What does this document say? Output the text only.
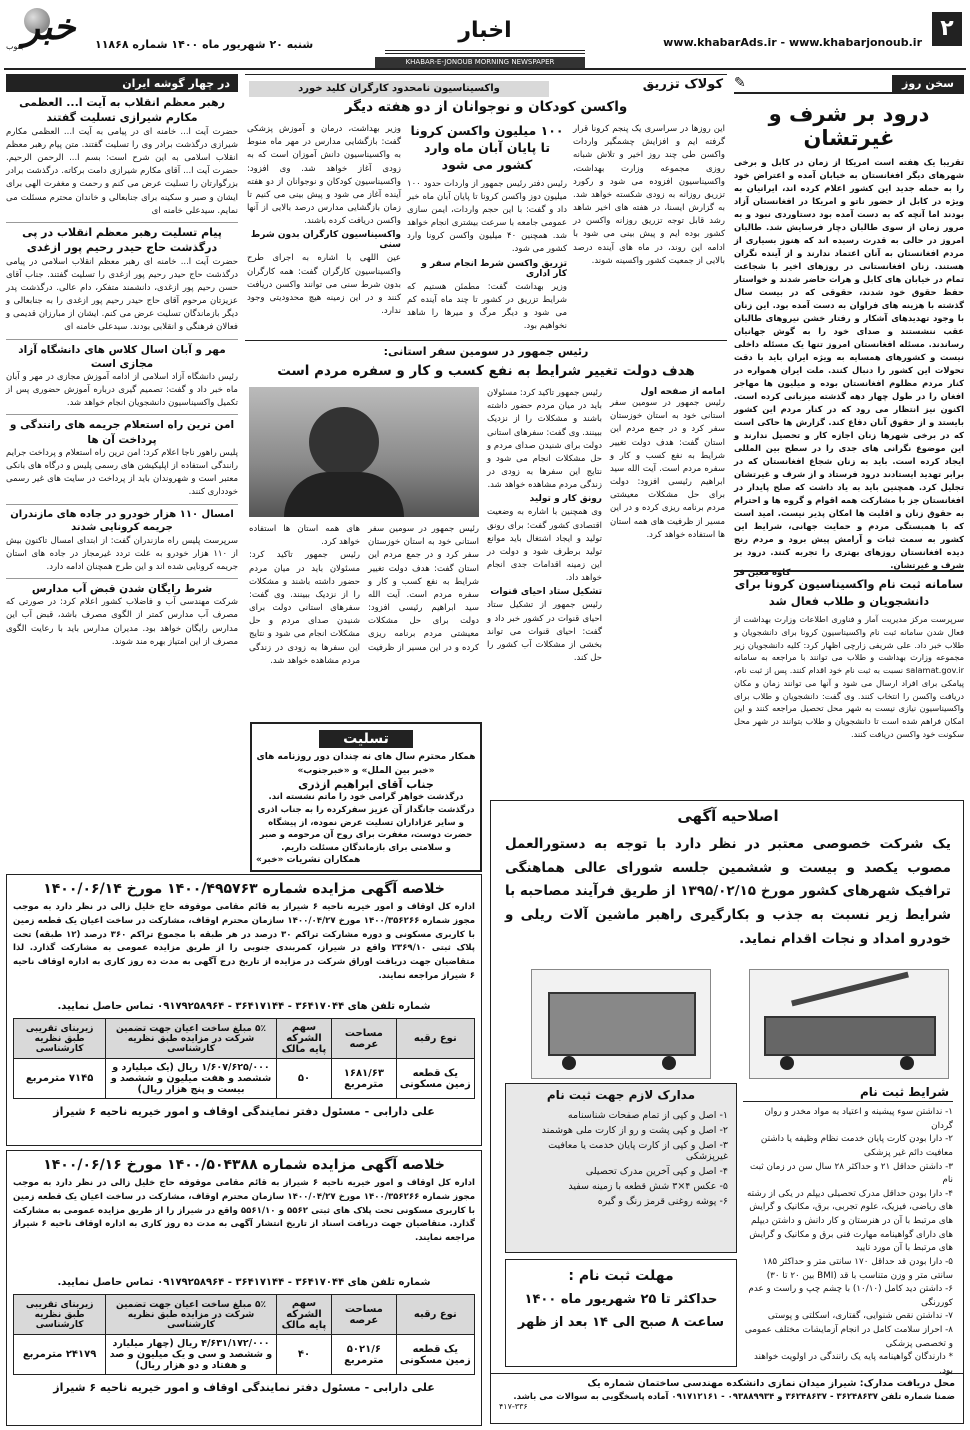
۲
www.khabarAds.ir - www.khabarjonoub.ir
اخبار
شنبه ۲۰ شهریور ماه ۱۴۰۰ شماره ۱۱۸۶۸
خبر
جنوب
KHABAR-E-JONOUB MORNING NEWSPAPER
سخن روز
✎
درود بر شرف و غیرتشان
تقریبا یک هفته است امریکا از زمان در کابل و برخی شهرهای دیگر افغانستان به خیابان آمده و اعتراض خود را به حمله جدید این کشور اعلام کرده اند، ایرانیان به ویژه در کابل از حضور ناتو و امریکا در افغانستان آزاد بودند اما آنچه که به دست آمده بود دستاوردی نبود و به مرور زمان از سوی طالبان دچار فرسایش شد. طالبان امروز در حالی به قدرت رسیده اند که هنوز بسیاری از مردم افغانستان به آنان اعتماد ندارند و از آینده نگران هستند. زنان افغانستانی در روزهای اخیر با شجاعت تمام در خیابان های کابل و هرات حاضر شدند و خواستار حفظ حقوق خود شدند، حقوقی که در بیست سال گذشته با هزینه های فراوان به دست آمده بود. این زنان با وجود تهدیدهای آشکار و رفتار خشن نیروهای طالبان عقب ننشستند و صدای خود را به گوش جهانیان رساندند. مسئله افغانستان امروز تنها یک مسئله داخلی نیست و کشورهای همسایه به ویژه ایران باید با دقت تحولات این کشور را دنبال کنند. ملت ایران همواره در کنار مردم مظلوم افغانستان بوده و میلیون ها مهاجر افغان را در طول چهار دهه گذشته میزبانی کرده است. اکنون نیز انتظار می رود که در کنار مردم این کشور بایستد و از حقوق آنان دفاع کند. گزارش ها حاکی است که در برخی شهرها زنان اجازه کار و تحصیل ندارند و این موضوع نگرانی های جدی را در سطح بین المللی ایجاد کرده است. باید به زنان شجاع افغانستان که در برابر تهدید ایستادند درود فرستاد و از شرف و غیرتشان تجلیل کرد. همچنین باید به یاد داشت که صلح پایدار در افغانستان جز با مشارکت همه اقوام و گروه ها و احترام به حقوق زنان و اقلیت ها امکان پذیر نیست. امید است که با همبستگی مردم و حمایت جهانی، شرایط این کشور به سمت ثبات و آرامش پیش برود و مردم رنج دیده افغانستان روزهای بهتری را تجربه کنند. درود بر شرف و غیرتشان.
کاوه معین فر
سامانه ثبت نام واکسیناسیون کرونا برای دانشجویان و طلاب فعال شد
سرپرست مرکز مدیریت آمار و فناوری اطلاعات وزارت بهداشت از فعال شدن سامانه ثبت نام واکسیناسیون کرونا برای دانشجویان و طلاب خبر داد. علی شریفی زارچی اظهار کرد: کلیه دانشجویان زیر مجموعه وزارت بهداشت و طلاب می توانند با مراجعه به سامانه salamat.gov.ir نسبت به ثبت نام خود اقدام کنند. پس از ثبت نام، پیامکی برای افراد ارسال می شود و آنها می توانند زمان و مکان دریافت واکسن را انتخاب کنند. وی گفت: دانشجویان و طلاب برای واکسیناسیون نیازی نیست به شهر محل تحصیل مراجعه کنند و این امکان فراهم شده است تا دانشجویان و طلاب بتوانند در شهر محل سکونت خود واکسن دریافت کنند.
کولاک تزریق
واکسیناسیون نامحدود کارگران کلید خورد
واکسن کودکان و نوجوانان از دو هفته دیگر
این روزها در سراسری یک پنجم کرونا قرار گرفته ایم و افزایش چشمگیر واردات واکسن طی چند روز اخیر و تلاش شبانه روزی مجموعه وزارت بهداشت، واکسیناسیون افزوده می شود و رکورد تزریق روزانه به زودی شکسته خواهد شد. به گزارش ایسنا، در هفته های اخیر شاهد رشد قابل توجه تزریق روزانه واکسن در کشور بوده ایم و پیش بینی می شود با ادامه این روند، در ماه های آینده درصد بالایی از جمعیت کشور واکسینه شوند.
۱۰۰ میلیون واکسن کرونا تا پایان آبان ماه وارد کشور می شود
رئیس دفتر رئیس جمهور از واردات حدود ۱۰۰ میلیون دوز واکسن کرونا تا پایان آبان ماه خبر داد و گفت: با این حجم واردات، ایمن سازی عمومی جامعه با سرعت بیشتری انجام خواهد شد. همچنین ۴۰ میلیون واکسن کرونا وارد کشور می شود.
تزریق واکسن شرط انجام سفر و کار اداری
وزیر بهداشت گفت: مطمئن هستیم که شرایط تزریق در کشور تا چند ماه آینده کم می شود و دیگر مرگ و میرها را شاهد نخواهیم بود.
وزیر بهداشت، درمان و آموزش پزشکی گفت: بازگشایی مدارس در مهر ماه منوط به واکسیناسیون دانش آموزان است که به زودی آغاز خواهد شد. وی افزود: واکسیناسیون کودکان و نوجوانان از دو هفته آینده آغاز می شود و پیش بینی می کنیم تا زمان بازگشایی مدارس درصد بالایی از آنها واکسن دریافت کرده باشند.
واکسیناسیون کارگران بدون شرط سنی
عین اللهی با اشاره به اجرای طرح واکسیناسیون کارگران گفت: همه کارگران بدون شرط سنی می توانند واکسن دریافت کنند و در این زمینه هیچ محدودیتی وجود ندارد.
رئیس جمهور در سومین سفر استانی:
هدف دولت تغییر شرایط به نفع کسب و کار و سفره مردم است
امامه از صفحه اول
رئیس جمهور در سومین سفر استانی خود به استان خوزستان سفر کرد و در جمع مردم این استان گفت: هدف دولت تغییر شرایط به نفع کسب و کار و سفره مردم است. آیت الله سید ابراهیم رئیسی افزود: دولت برای حل مشکلات معیشتی مردم برنامه ریزی کرده و در این مسیر از ظرفیت های همه استان ها استفاده خواهد کرد.
رئیس جمهور تاکید کرد: مسئولان باید در میان مردم حضور داشته باشند و مشکلات را از نزدیک ببینند. وی گفت: سفرهای استانی دولت برای شنیدن صدای مردم و حل مشکلات انجام می شود و نتایج این سفرها به زودی در زندگی مردم مشاهده خواهد شد.
رونق کار و تولید
وی همچنین با اشاره به وضعیت اقتصادی کشور گفت: برای رونق تولید و ایجاد اشتغال باید موانع تولید برطرف شود و دولت در این زمینه اقدامات جدی انجام خواهد داد.
تشکیل ستاد احیای قنوات
رئیس جمهور از تشکیل ستاد احیای قنوات در کشور خبر داد و گفت: احیای قنوات می تواند بخشی از مشکلات آب کشور را حل کند.
رئیس جمهور در سومین سفر استانی خود به استان خوزستان سفر کرد و در جمع مردم این استان گفت: هدف دولت تغییر شرایط به نفع کسب و کار و سفره مردم است. آیت الله سید ابراهیم رئیسی افزود: دولت برای حل مشکلات معیشتی مردم برنامه ریزی کرده و در این مسیر از ظرفیت های همه استان ها استفاده خواهد کرد.
رئیس جمهور تاکید کرد: مسئولان باید در میان مردم حضور داشته باشند و مشکلات را از نزدیک ببینند. وی گفت: سفرهای استانی دولت برای شنیدن صدای مردم و حل مشکلات انجام می شود و نتایج این سفرها به زودی در زندگی مردم مشاهده خواهد شد.
در چهار گوشه ایران
رهبر معظم انقلاب به آیت ا... العظمی مکارم شیرازی تسلیت گفتند
حضرت آیت ا... خامنه ای در پیامی به آیت ا... العظمی مکارم شیرازی درگذشت برادر وی را تسلیت گفتند. متن پیام رهبر معظم انقلاب اسلامی به این شرح است: بسم ا... الرحمن الرحیم. حضرت آیت ا... آقای مکارم شیرازی دامت برکاته. درگذشت برادر بزرگوارتان را تسلیت عرض می کنم و رحمت و مغفرت الهی برای ایشان و صبر و سکینه برای جنابعالی و خاندان محترم مسئلت می نمایم. سیدعلی خامنه ای
پیام تسلیت رهبر معظم انقلاب در پی درگذشت حاج حیدر رحیم پور ازغدی
حضرت آیت ا... خامنه ای رهبر معظم انقلاب اسلامی در پیامی درگذشت حاج حیدر رحیم پور ازغدی را تسلیت گفتند. جناب آقای حسن رحیم پور ازغدی، دانشمند متفکر، دام عالی. درگذشت پدر عزیزتان مرحوم آقای حاج حیدر رحیم پور ازغدی را به جنابعالی و دیگر بازماندگان تسلیت عرض می کنم. ایشان از مبارزان قدیمی و فعالان فرهنگی و انقلابی بودند. سیدعلی خامنه ای
مهر و آبان اسال کلاس های دانشگاه آزاد مجازی است
رئیس دانشگاه آزاد اسلامی از ادامه آموزش مجازی در مهر و آبان ماه خبر داد و گفت: تصمیم گیری درباره آموزش حضوری پس از تکمیل واکسیناسیون دانشجویان انجام خواهد شد.
امن ترین راه استعلام جریمه های رانندگی و پرداخت آن ها
پلیس راهور ناجا اعلام کرد: امن ترین راه استعلام و پرداخت جرایم رانندگی استفاده از اپلیکیشن های رسمی پلیس و درگاه های بانکی معتبر است و شهروندان باید از پرداخت در سایت های غیر رسمی خودداری کنند.
امسال ۱۱۰ هزار خودرو در جاده های مازندران جریمه کرونایی شدند
سرپرست پلیس راه مازندران گفت: از ابتدای امسال تاکنون بیش از ۱۱۰ هزار خودرو به علت تردد غیرمجاز در جاده های استان جریمه کرونایی شده اند و این طرح همچنان ادامه دارد.
شرط رایگان شدن قبض آب مدارس
شرکت مهندسی آب و فاضلاب کشور اعلام کرد: در صورتی که مصرف آب مدارس کمتر از الگوی مصرف باشد، قبض آب این مدارس رایگان خواهد بود. مدیران مدارس باید با رعایت الگوی مصرف از این امتیاز بهره مند شوند.
تسلیت
همکار محترم سال های نه چندان دور روزنامه های «خبر بین الملل» و «خبرجنوب»
جناب آقای ابراهیم ازذری
درگذشت خواهر گرامی خود را ماتم نشسته اند. درگذشت جانگداز آن عزیز سفرکرده را به جناب اذری و سایر عزاداران تسلیت عرض نموده، از پیشگاه حضرت دوست، مغفرت برای روح آن مرحومه و صبر و سلامتی برای بازماندگان مسئلت داریم.
همکاران نشریات «خبر»
اصلاحیه آگهی
یک شرکت خصوصی معتبر در نظر دارد با توجه به دستورالعمل مصوب یکصد و بیست و ششمین جلسه شورای عالی هماهنگی ترافیک شهرهای کشور مورخ ۱۳۹۵/۰۲/۱۵ از طریق فرآیند مصاحبه با شرایط زیر نسبت به جذب و بکارگیری راهبر ماشین آلات ریلی و خودرو امداد و نجات اقدام نماید.
مدارک لازم جهت ثبت نام
۱- اصل و کپی از تمام صفحات شناسنامه
۲- اصل و کپی پشت و رو از کارت ملی هوشمند
۳- اصل و کپی از کارت پایان خدمت یا معافیت غیرپزشکی
۴- اصل و کپی آخرین مدرک تحصیلی
۵- عکس ۴×۳ شش قطعه با زمینه سفید
۶- پوشه روغنی قرمز رنگ و گیره
مهلت ثبت نام :
حداکثر تا ۲۵ شهریور ماه ۱۴۰۰
ساعت ۸ صبح الی ۱۴ بعد از ظهر
شرایط ثبت نام
۱- نداشتن سوء پیشینه و اعتیاد به مواد مخدر و روان گردان
۲- دارا بودن کارت پایان خدمت نظام وظیفه یا داشتن معافیت دائم غیر پزشکی
۳- داشتن حداقل ۲۱ و حداکثر ۲۸ سال سن در زمان ثبت نام
۴- دارا بودن حداقل مدرک تحصیلی دیپلم در یکی از رشته های ریاضی، فیزیک، علوم تجربی، برق، مکانیک و گرایش های مرتبط با آن در هنرستان و کار دانش و داشتن دیپلم های دارای گواهینامه مهارت فنی برق و مکانیک و گرایش های مرتبط با آن مورد تایید
۵- دارا بودن قد حداقل ۱۷۰ سانتی متر و حداکثر ۱۸۵ سانتی متر و وزن متناسب با قد (BMI بین ۲۰ تا ۳۰)
۶- داشتن دید کامل (۱۰/۱۰) با چشم چپ و راست و عدم کوررنگی
۷- نداشتن نقص شنوایی، گفتاری، اسکلتی و پوستی
۸- احراز سلامت کامل در انجام آزمایشات مختلف عمومی و تخصصی پزشکی
* دارندگان گواهینامه پایه یک رانندگی در اولویت خواهند بود.
محل دریافت مدارک: شیراز میدان نمازی دانشکده مهندسی ساختمان شماره یک
ضمنا شماره تلفن ۳۶۲۴۸۶۳۷ - ۳۶۲۴۸۶۳۷ و ۰۹۳۸۸۹۹۳۴ - ۰۹۱۷۱۲۱۶۱ آماده پاسخگویی به سوالات می باشد.
۴۱۷-۳۳۶
خلاصه آگهی مزایده شماره ۱۴۰۰/۴۹۵۷۶۳ مورخ ۱۴۰۰/۰۶/۱۴
اداره کل اوقاف و امور خیریه ناحیه ۶ شیراز به قائم مقامی موقوفه حاج خلیل زالی در نظر دارد به موجب مجوز شماره ۱۴۰۰/۳۵۶۲۶۶ مورخ ۱۴۰۰/۰۴/۲۷ سازمان محترم اوقاف، مشارکت در ساخت اعیان یک قطعه زمین با کاربری مسکونی و دوره مشارکت تراکم ۳۰ درصد در هر طبقه با مجموع تراکم ۳۶۰ درصد (۱۲ طبقه) تحت پلاک ثبتی ۲۳۶۹/۱۰ واقع در شیراز، کمربندی جنوبی را از طریق مزایده عمومی به مشارکت گذارد. لذا متقاضیان جهت دریافت اوراق شرکت در مزایده از تاریخ درج آگهی به مدت ده روز کاری به اداره اوقاف ناحیه ۶ شیراز مراجعه نمایند.
شماره تلفن های ۳۶۴۱۷۰۴۴ - ۳۶۴۱۷۱۴۴ - ۰۹۱۷۹۲۵۸۹۶۴ تماس حاصل نمایید.
نوع رقبه	مساحت عرصه	سهم الشرکه پایه مالک	۵٪ مبلغ ساخت اعیان جهت تضمین شرکت در مزایده طبق نظریه کارشناسی	زیربنای تقریبی طبق نظریه کارشناسی
یک قطعه زمین مسکونی	۱۶۸۱/۶۳ مترمربع	۵۰	۱/۶۰۷/۶۲۵/۰۰۰ ریال (یک میلیارد و ششصد و هفت میلیون و ششصد و بیست و پنج هزار ریال)	۷۱۴۵ مترمربع
علی دارابی - مسئول دفتر نمایندگی اوقاف و امور خیریه ناحیه ۶ شیراز
خلاصه آگهی مزایده شماره ۱۴۰۰/۵۰۴۳۸۸ مورخ ۱۴۰۰/۰۶/۱۶
اداره کل اوقاف و امور خیریه ناحیه ۶ شیراز به قائم مقامی موقوفه حاج خلیل زالی در نظر دارد به موجب مجوز شماره ۱۴۰۰/۳۵۶۲۶۶ مورخ ۱۴۰۰/۰۴/۲۷ سازمان محترم اوقاف، مشارکت در ساخت اعیان یک قطعه زمین با کاربری مسکونی تحت پلاک های ثبتی ۵۵۶۲ و ۵۵۶۱/۱۰ واقع در شیراز را از طریق مزایده عمومی به مشارکت گذارد. متقاضیان جهت دریافت اسناد از تاریخ انتشار آگهی به مدت ده روز کاری به اداره اوقاف ناحیه ۶ شیراز مراجعه نمایند.
شماره تلفن های ۳۶۴۱۷۰۴۴ - ۳۶۴۱۷۱۴۴ - ۰۹۱۷۹۲۵۸۹۶۴ تماس حاصل نمایید.
نوع رقبه	مساحت عرصه	سهم الشرکه پایه مالک	۵٪ مبلغ ساخت اعیان جهت تضمین شرکت در مزایده طبق نظریه کارشناسی	زیربنای تقریبی طبق نظریه کارشناسی
یک قطعه زمین مسکونی	۵۰۲۱/۶ مترمربع	۴۰	۴/۶۳۱/۱۷۲/۰۰۰ ریال (چهار میلیارد و ششصد و سی و یک میلیون و صد و هفتاد و دو هزار ریال)	۲۴۱۷۹ مترمربع
علی دارابی - مسئول دفتر نمایندگی اوقاف و امور خیریه ناحیه ۶ شیراز
